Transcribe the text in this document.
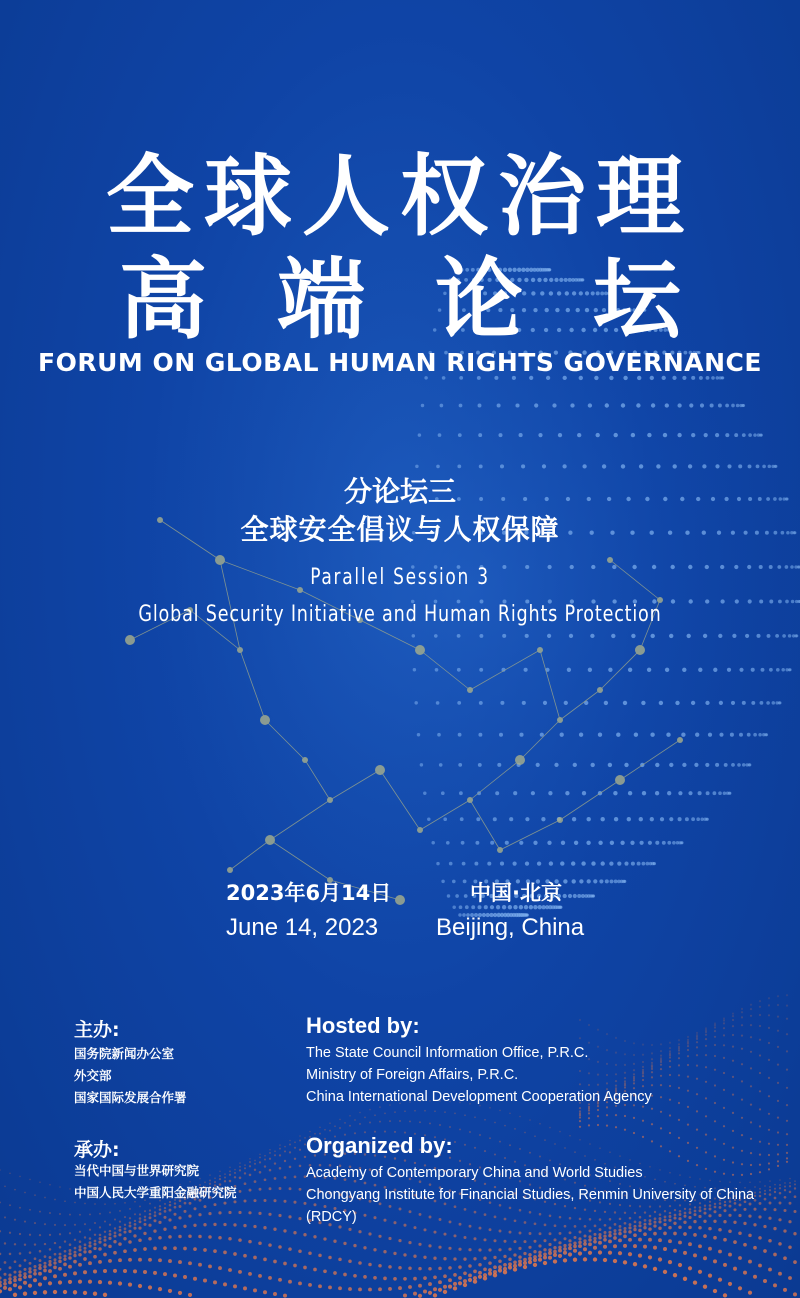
全球人权治理
高端论坛
FORUM ON GLOBAL HUMAN RIGHTS GOVERNANCE
分论坛三
全球安全倡议与人权保障
Parallel Session 3
Global Security Initiative and Human Rights Protection
2023年6月14日	中国·北京
June 14, 2023 Beijing, China
主办:	Hosted by:
国务院新闻办公室
外交部
国家国际发展合作署
The State Council Information Office, P.R.C.
Ministry of Foreign Affairs, P.R.C.
China International Development Cooperation Agency
承办:	Organized by:
当代中国与世界研究院
中国人民大学重阳金融研究院
Academy of Contemporary China and World Studies
Chongyang Institute for Financial Studies, Renmin University of China (RDCY)
